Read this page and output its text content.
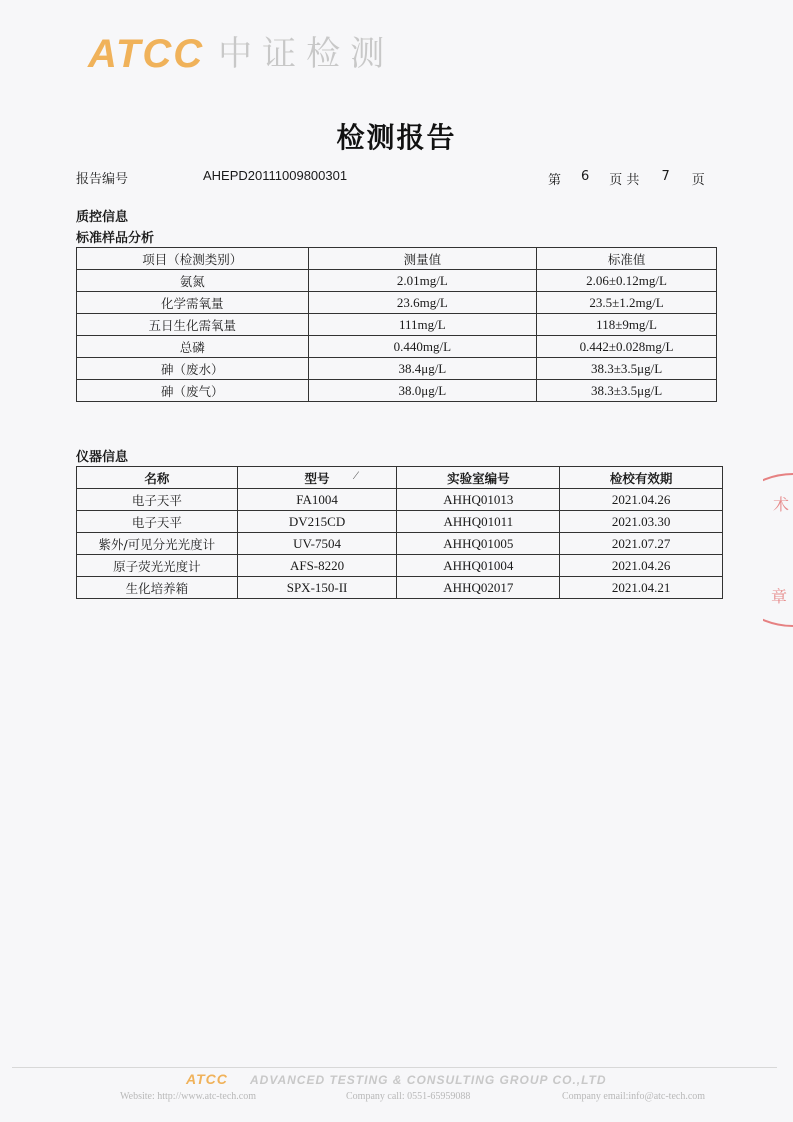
ATCC 中证检测
检测报告
报告编号	AHEPD2011100980030​1	第 6 页 共 7 页
质控信息
标准样品分析
项目（检测类别）	测量值	标准值
氨氮	2.01mg/L	2.06±0.12mg/L
化学需氧量	23.6mg/L	23.5±1.2mg/L
五日生化需氧量	111mg/L	118±9mg/L
总磷	0.440mg/L	0.442±0.028mg/L
砷（废水）	38.4μg/L	38.3±3.5μg/L
砷（废气）	38.0μg/L	38.3±3.5μg/L
仪器信息
⁄
名称	型号	实验室编号	检校有效期
电子天平	FA1004	AHHQ01013	2021.04.26
电子天平	DV215CD	AHHQ01011	2021.03.30
紫外/可见分光光度计	UV-7504	AHHQ01005	2021.07.27
原子荧光光度计	AFS-8220	AHHQ01004	2021.04.26
生化培养箱	SPX-150-II	AHHQ02017	2021.04.21
术
章
ATCC ADVANCED TESTING & CONSULTING GROUP CO.,LTD
Website: http://www.atc-tech.com	Company call: 0551-65959088	Company email:info@atc-tech.com
